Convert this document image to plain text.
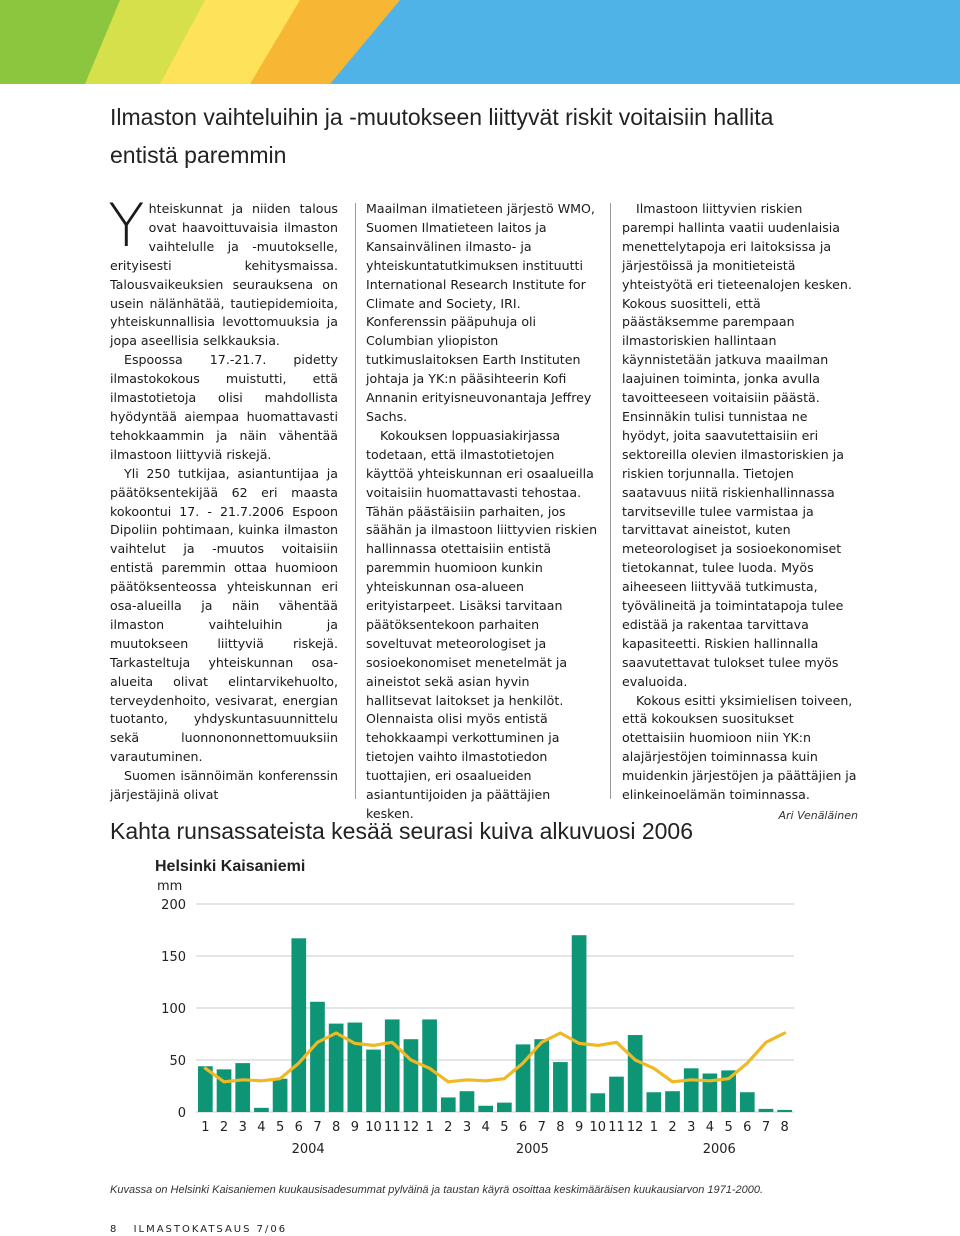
Ilmaston vaihteluihin ja -muutokseen liittyvät riskit voitaisiin hallita entistä paremmin

Yhteiskunnat ja niiden talous ovat haavoittuvaisia ilmaston vaihtelulle ja -muutokselle, erityisesti kehitysmaissa. Talousvaikeuksien seurauksena on usein nälänhätää, tautiepidemioita, yhteiskunnallisia levottomuuksia ja jopa aseellisia selkkauksia.

Espoossa 17.-21.7. pidetty ilmastokokous muistutti, että ilmastotietoja olisi mahdollista hyödyntää aiempaa huomattavasti tehokkaammin ja näin vähentää ilmastoon liittyviä riskejä.

Yli 250 tutkijaa, asiantuntijaa ja päätöksentekijää 62 eri maasta kokoontui 17. - 21.7.2006 Espoon Dipoliin pohtimaan, kuinka ilmaston vaihtelut ja -muutos voitaisiin entistä paremmin ottaa huomioon päätöksenteossa yhteiskunnan eri osa-alueilla ja näin vähentää ilmaston vaihteluihin ja muutokseen liittyviä riskejä. Tarkasteltuja yhteiskunnan osa-alueita olivat elintarvikehuolto, terveydenhoito, vesivarat, energian tuotanto, yhdyskuntasuunnittelu sekä luonnononnettomuuksiin varautuminen.

Suomen isännöimän konferenssin järjestäjinä olivat

Maailman ilmatieteen järjestö WMO, Suomen Ilmatieteen laitos ja Kansainvälinen ilmasto- ja yhteiskuntatutkimuksen instituutti International Research Institute for Climate and Society, IRI. Konferenssin pääpuhuja oli Columbian yliopiston tutkimuslaitoksen Earth Instituten johtaja ja YK:n pääsihteerin Kofi Annanin erityisneuvonantaja Jeffrey Sachs.

Kokouksen loppuasiakirjassa todetaan, että ilmastotietojen käyttöä yhteiskunnan eri osaalueilla voitaisiin huomattavasti tehostaa. Tähän päästäisiin parhaiten, jos säähän ja ilmastoon liittyvien riskien hallinnassa otettaisiin entistä paremmin huomioon kunkin yhteiskunnan osa-alueen erityistarpeet. Lisäksi tarvitaan päätöksentekoon parhaiten soveltuvat meteorologiset ja sosioekonomiset menetelmät ja aineistot sekä asian hyvin hallitsevat laitokset ja henkilöt. Olennaista olisi myös entistä tehokkaampi verkottuminen ja tietojen vaihto ilmastotiedon tuottajien, eri osaalueiden asiantuntijoiden ja päättäjien kesken.

Ilmastoon liittyvien riskien parempi hallinta vaatii uudenlaisia menettelytapoja eri laitoksissa ja järjestöissä ja monitieteistä yhteistyötä eri tieteenalojen kesken. Kokous suositteli, että päästäksemme parempaan ilmastoriskien hallintaan käynnistetään jatkuva maailman laajuinen toiminta, jonka avulla tavoitteeseen voitaisiin päästä. Ensinnäkin tulisi tunnistaa ne hyödyt, joita saavutettaisiin eri sektoreilla olevien ilmastoriskien ja riskien torjunnalla. Tietojen saatavuus niitä riskienhallinnassa tarvitseville tulee varmistaa ja tarvittavat aineistot, kuten meteorologiset ja sosioekonomiset tietokannat, tulee luoda. Myös aiheeseen liittyvää tutkimusta, työvälineitä ja toimintatapoja tulee edistää ja rakentaa tarvittava kapasiteetti. Riskien hallinnalla saavutettavat tulokset tulee myös evaluoida.

Kokous esitti yksimielisen toiveen, että kokouksen suositukset otettaisiin huomioon niin YK:n alajärjestöjen toiminnassa kuin muidenkin järjestöjen ja päättäjien ja elinkeinoelämän toiminnassa.

Ari Venäläinen
Kahta runsassateista kesää seurasi kuiva alkuvuosi 2006
Helsinki Kaisaniemi
mm
200
150
100
50
0
1 2 3 4 5 6 7 8 9 10 11 12 1 2 3 4 5 6 7 8 9 10 11 12 1 2 3 4 5 6 7 8
2004	2005	2006
Kuvassa on Helsinki Kaisaniemen kuukausisadesummat pylväinä ja taustan käyrä osoittaa keskimääräisen kuukausiarvon 1971-2000.
8 ILMASTOKATSAUS 7/06
